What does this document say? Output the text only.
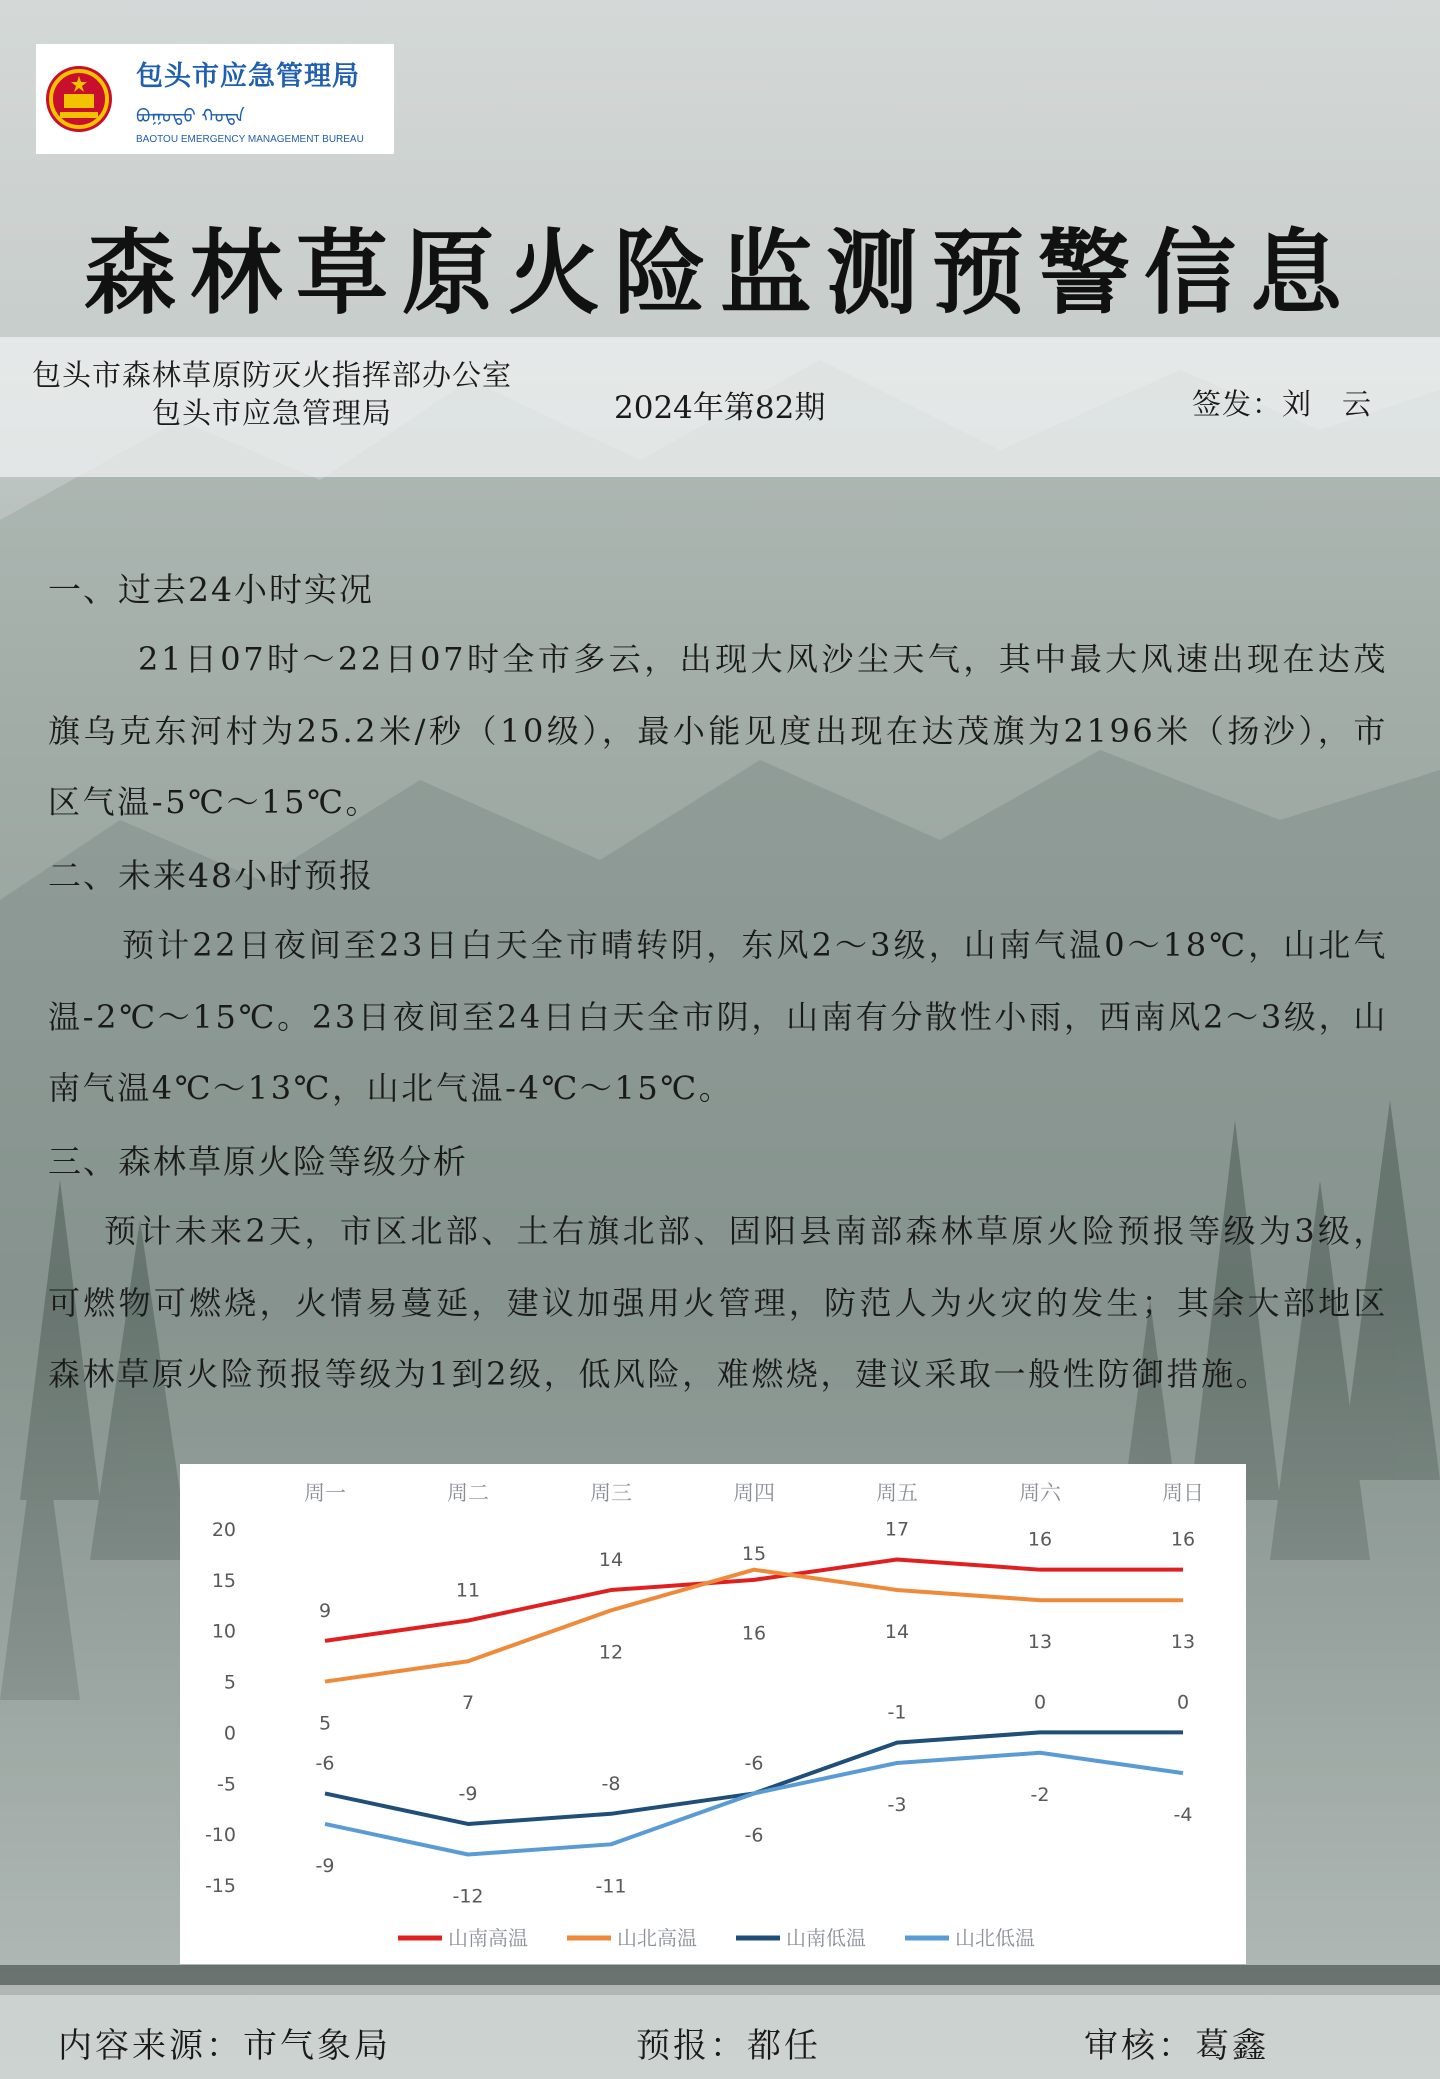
包头市应急管理局
ᠪᠤᠭᠤᠲᠤ ᠬᠣᠲᠠ
BAOTOU EMERGENCY MANAGEMENT BUREAU
森林草原火险监测预警信息
包头市森林草原防灭火指挥部办公室
包头市应急管理局	2024年第82期	签发：刘　云
一、过去24小时实况
21日07时～22日07时全市多云，出现大风沙尘天气，其中最大风速出现在达茂旗乌克东河村为25.2米/秒（10级），最小能见度出现在达茂旗为2196米（扬沙），市区气温-5℃～15℃。
二、未来48小时预报
预计22日夜间至23日白天全市晴转阴，东风2～3级，山南气温0～18℃，山北气温-2℃～15℃。23日夜间至24日白天全市阴，山南有分散性小雨，西南风2～3级，山南气温4℃～13℃，山北气温-4℃～15℃。
三、森林草原火险等级分析
预计未来2天，市区北部、土右旗北部、固阳县南部森林草原火险预报等级为3级，可燃物可燃烧，火情易蔓延，建议加强用火管理，防范人为火灾的发生；其余大部地区森林草原火险预报等级为1到2级，低风险，难燃烧，建议采取一般性防御措施。
周一	周二	周三	周四	周五	周六	周日
20
15
10
5
0
-5
-10
-15
9
11
14	15
17	16	16
5
7
12
16	14	13	13
-6
-9	-8
-6
-1	0	0
-9
-12	-11
-6
-3	-2
-4
山南高温	山北高温	山南低温	山北低温
内容来源：市气象局	预报：都任	审核：葛鑫
